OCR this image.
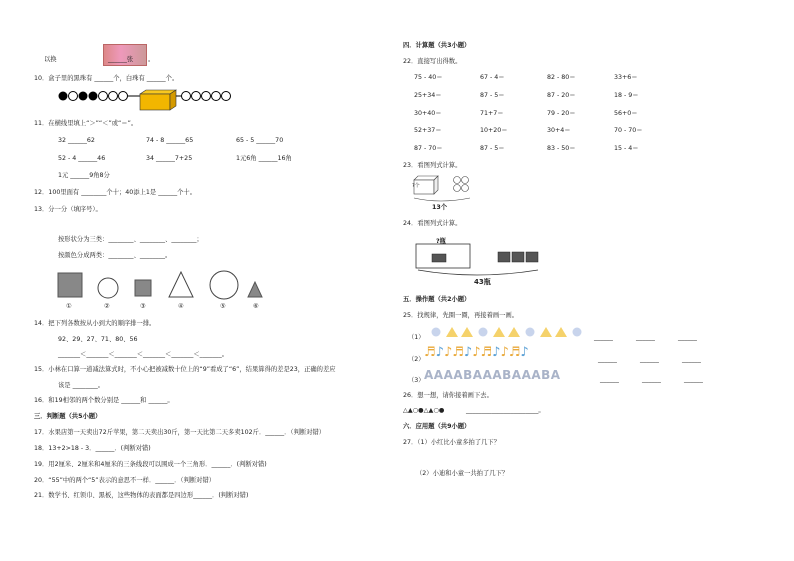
以换	______张 。
10．盒子里的黑珠有 ______个，白珠有 ______个。
11．在横线里填上“＞”“＜”或“＝”。
32 ______62	74 - 8 ______65	65 - 5 ______70
52 - 4 ______46	34 ______7+25	1元6角 ______16角
1元 ______9角8分
12．100里面有 ________个十；40添上1是 ______个十。
13．分一分（填序号）。
按形状分为三类：________、________、________；
按颜色分成两类：________、________。
①	②	③	④	⑤	⑥
14．把下列各数按从小到大的顺序排一排。
92、29、27、71、80、56
_______＜_______＜_______＜_______＜_______＜_______。
15．小林在口算一道减法算式时，不小心把被减数十位上的“9”看成了“6”，结果算得的差是23，正确的差应
该是 ________。
16．和19相邻的两个数分别是 ______和 ______。
三．判断题（共5小题）
17．水果店第一天卖出72斤苹果，第二天卖出30斤，第一天比第二天多卖102斤．______．（判断对错）
18．13+2>18 - 3．______．(判断对错)
19．用2厘米、2厘米和4厘米的三条线段可以围成一个三角形．______．(判断对错)
20．“55”中的两个“5”表示的意思不一样．______．（判断对错）
21．数学书、红领巾、黑板，这些物体的表面都是四边形______．(判断对错)
四．计算题（共3小题）
22．直接写出得数。
75 - 40＝	67 - 4＝	82 - 80＝	33+6＝
25+34＝	87 - 5＝	87 - 20＝	18 - 9＝
30+40＝	71+7＝	79 - 20＝	56+0＝
52+37＝	10+20＝	30+4＝	70 - 70＝
87 - 70＝	87 - 5＝	83 - 50＝	15 - 4＝
23．看图列式计算。
?个
13个
24．看图列式计算。
?瓶
43瓶
五．操作题（共2小题）
25．找规律，先圈一圈，再接着画一画。
（1）	______	______	______
（2） ♬♪♪♬♪♪♬♪♪♬♪	______	______	______
（3） AAAABAAABAAABA	______	______	______
26．想一想，请你接着画下去。
△▲○●△▲○●	_______________________。
六．应用题（共9小题）
27．（1）小红比小童多拍了几下？
（2）小迪和小童一共拍了几下？
